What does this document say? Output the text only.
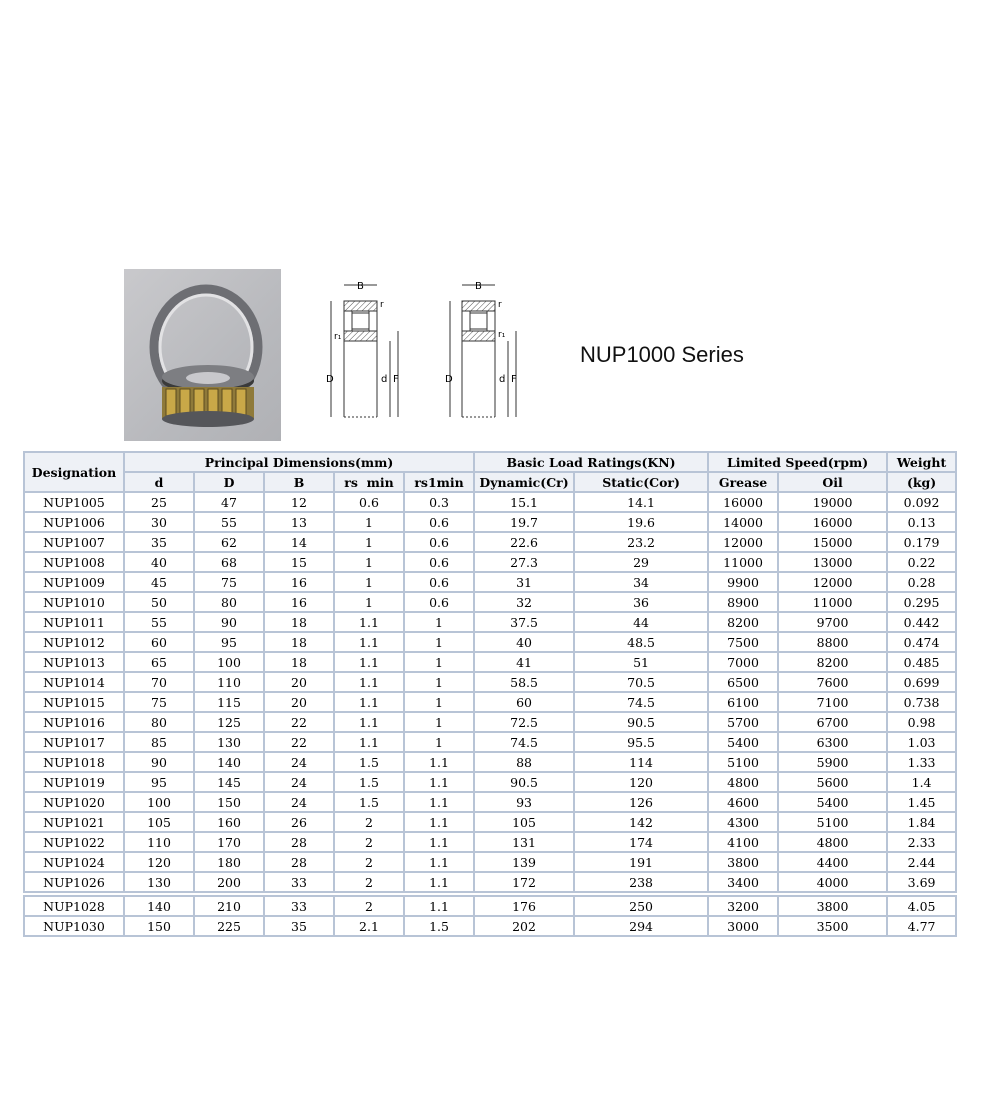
B
r
r₁
D	d F
B
r
r₁
D	d F
NUP1000 Series
Designation	Principal Dimensions(mm)					Basic Load Ratings(KN)		Limited Speed(rpm)		Weight
	d	D	B	rs  min	rs1min	Dynamic(Cr)	Static(Cor)	Grease	Oil	(kg)
NUP1005	25	47	12	0.6	0.3	15.1	14.1	16000	19000	0.092
NUP1006	30	55	13	1	0.6	19.7	19.6	14000	16000	0.13
NUP1007	35	62	14	1	0.6	22.6	23.2	12000	15000	0.179
NUP1008	40	68	15	1	0.6	27.3	29	11000	13000	0.22
NUP1009	45	75	16	1	0.6	31	34	9900	12000	0.28
NUP1010	50	80	16	1	0.6	32	36	8900	11000	0.295
NUP1011	55	90	18	1.1	1	37.5	44	8200	9700	0.442
NUP1012	60	95	18	1.1	1	40	48.5	7500	8800	0.474
NUP1013	65	100	18	1.1	1	41	51	7000	8200	0.485
NUP1014	70	110	20	1.1	1	58.5	70.5	6500	7600	0.699
NUP1015	75	115	20	1.1	1	60	74.5	6100	7100	0.738
NUP1016	80	125	22	1.1	1	72.5	90.5	5700	6700	0.98
NUP1017	85	130	22	1.1	1	74.5	95.5	5400	6300	1.03
NUP1018	90	140	24	1.5	1.1	88	114	5100	5900	1.33
NUP1019	95	145	24	1.5	1.1	90.5	120	4800	5600	1.4
NUP1020	100	150	24	1.5	1.1	93	126	4600	5400	1.45
NUP1021	105	160	26	2	1.1	105	142	4300	5100	1.84
NUP1022	110	170	28	2	1.1	131	174	4100	4800	2.33
NUP1024	120	180	28	2	1.1	139	191	3800	4400	2.44
NUP1026	130	200	33	2	1.1	172	238	3400	4000	3.69

NUP1028	140	210	33	2	1.1	176	250	3200	3800	4.05
NUP1030	150	225	35	2.1	1.5	202	294	3000	3500	4.77
